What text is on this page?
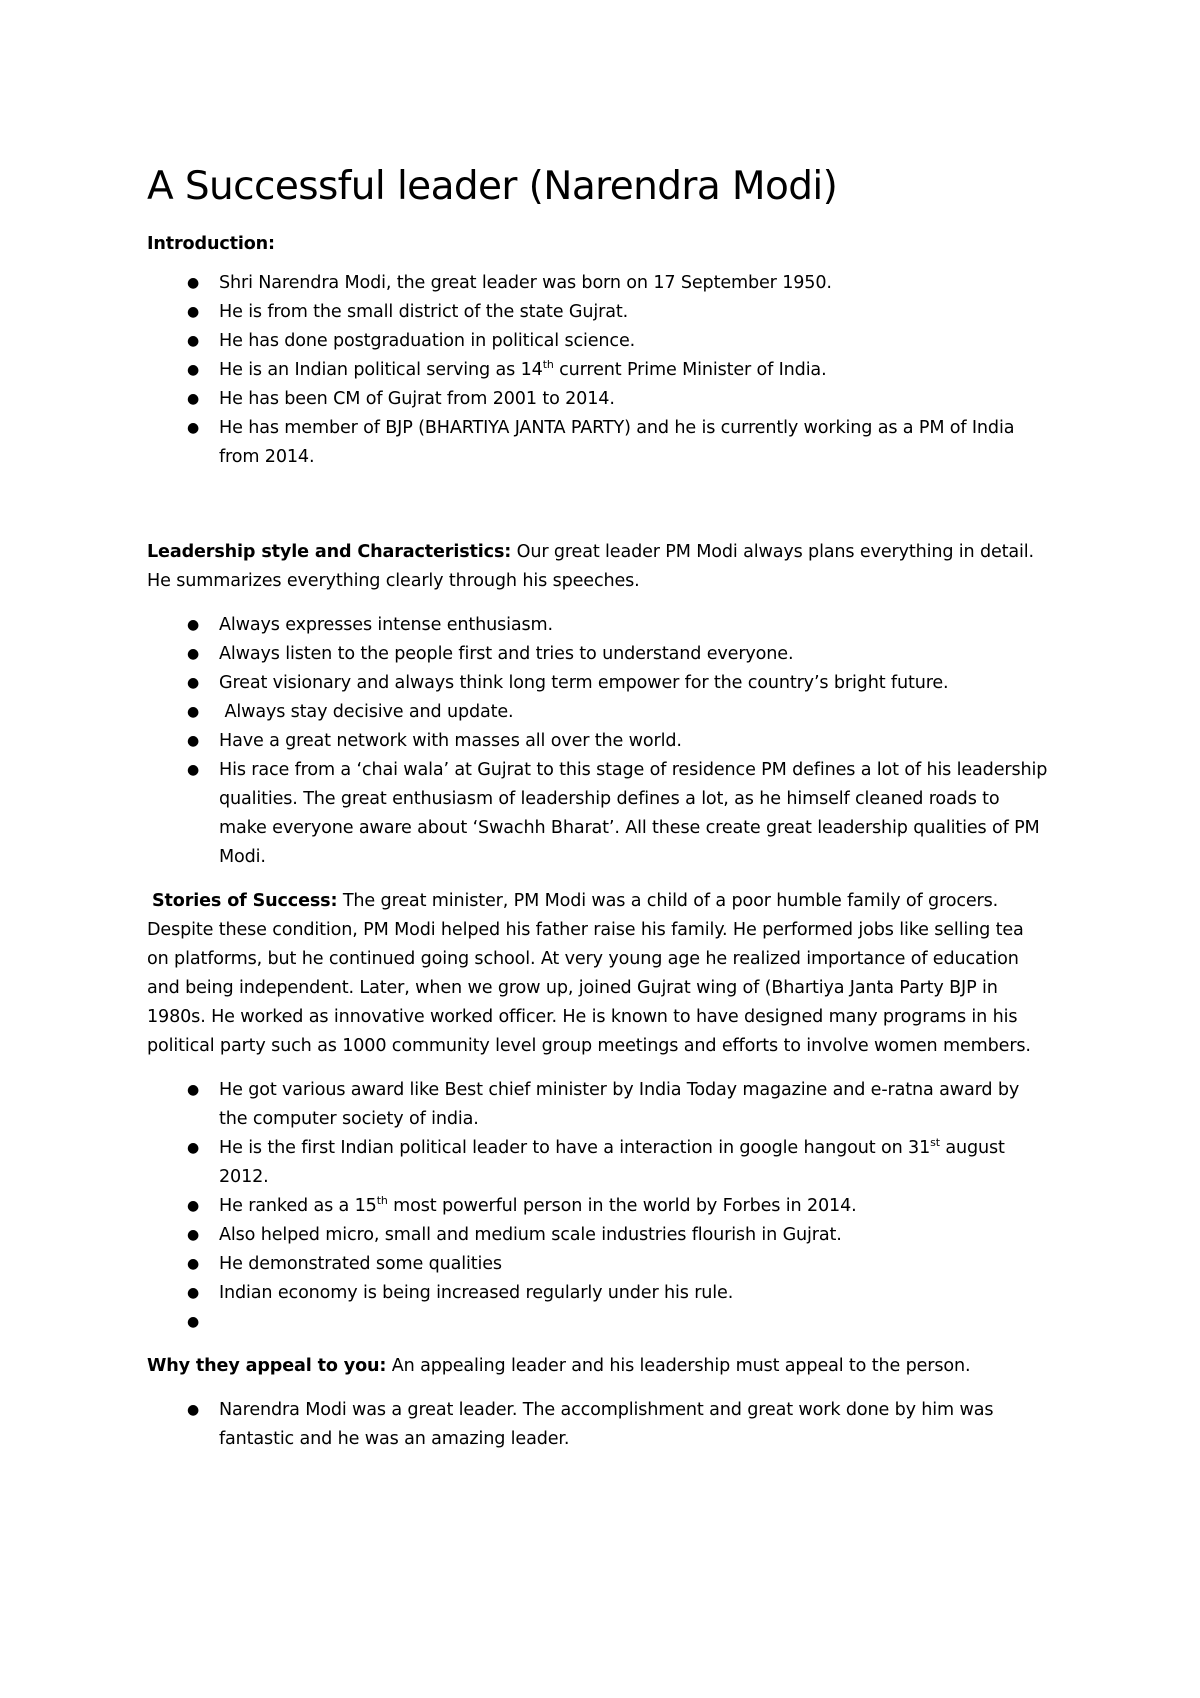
A Successful leader (Narendra Modi)

Introduction:

● Shri Narendra Modi, the great leader was born on 17 September 1950.
● He is from the small district of the state Gujrat.
● He has done postgraduation in political science.
● He is an Indian political serving as 14th current Prime Minister of India.
● He has been CM of Gujrat from 2001 to 2014.
● He has member of BJP (BHARTIYA JANTA PARTY) and he is currently working as a PM of India from 2014.

Leadership style and Characteristics: Our great leader PM Modi always plans everything in detail. He summarizes everything clearly through his speeches.

● Always expresses intense enthusiasm.
● Always listen to the people first and tries to understand everyone.
● Great visionary and always think long term empower for the country’s bright future.
● Always stay decisive and update.
● Have a great network with masses all over the world.
● His race from a ‘chai wala’ at Gujrat to this stage of residence PM defines a lot of his leadership qualities. The great enthusiasm of leadership defines a lot, as he himself cleaned roads to make everyone aware about ‘Swachh Bharat’. All these create great leadership qualities of PM Modi.

Stories of Success: The great minister, PM Modi was a child of a poor humble family of grocers. Despite these condition, PM Modi helped his father raise his family. He performed jobs like selling tea on platforms, but he continued going school. At very young age he realized importance of education and being independent. Later, when we grow up, joined Gujrat wing of (Bhartiya Janta Party BJP in 1980s. He worked as innovative worked officer. He is known to have designed many programs in his political party such as 1000 community level group meetings and efforts to involve women members.

● He got various award like Best chief minister by India Today magazine and e-ratna award by the computer society of india.
● He is the first Indian political leader to have a interaction in google hangout on 31st august 2012.
● He ranked as a 15th most powerful person in the world by Forbes in 2014.
● Also helped micro, small and medium scale industries flourish in Gujrat.
● He demonstrated some qualities
● Indian economy is being increased regularly under his rule.
●

Why they appeal to you: An appealing leader and his leadership must appeal to the person.

● Narendra Modi was a great leader. The accomplishment and great work done by him was fantastic and he was an amazing leader.
